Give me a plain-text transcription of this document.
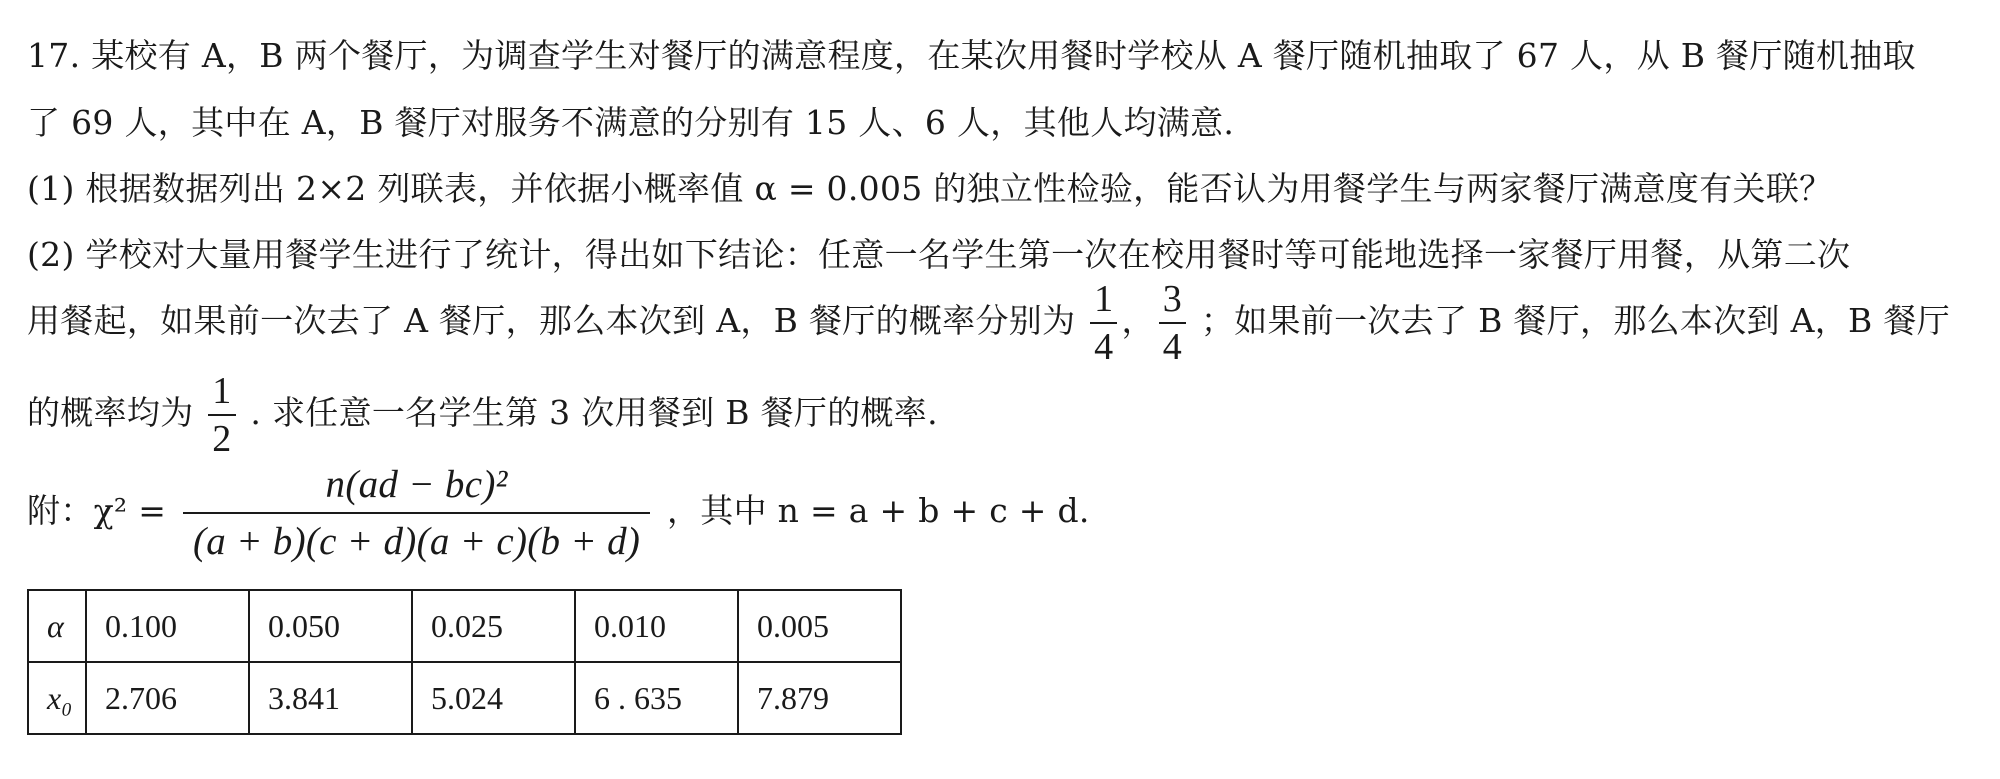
17. 某校有 A，B 两个餐厅，为调查学生对餐厅的满意程度，在某次用餐时学校从 A 餐厅随机抽取了 67 人，从 B 餐厅随机抽取
了 69 人，其中在 A，B 餐厅对服务不满意的分别有 15 人、6 人，其他人均满意.
(1) 根据数据列出 2×2 列联表，并依据小概率值 α = 0.005 的独立性检验，能否认为用餐学生与两家餐厅满意度有关联？
(2) 学校对大量用餐学生进行了统计，得出如下结论：任意一名学生第一次在校用餐时等可能地选择一家餐厅用餐，从第二次
用餐起，如果前一次去了 A 餐厅，那么本次到 A，B 餐厅的概率分别为 $\frac{1}{4}$ ， $\frac{3}{4}$ ；如果前一次去了 B 餐厅，那么本次到 A，B 餐厅
的概率均为 $\frac{1}{2}$ . 求任意一名学生第 3 次用餐到 B 餐厅的概率.
附：$\chi^2 = \frac{\text{n(ad − bc)²}}{(a + b)(c + d)(a + c)(b + d)}$ ，其中 n = a + b + c + d.
α	0.100	0.050	0.025	0.010	0.005
x₀	2.706	3.841	5.024	6 . 635	7.879
